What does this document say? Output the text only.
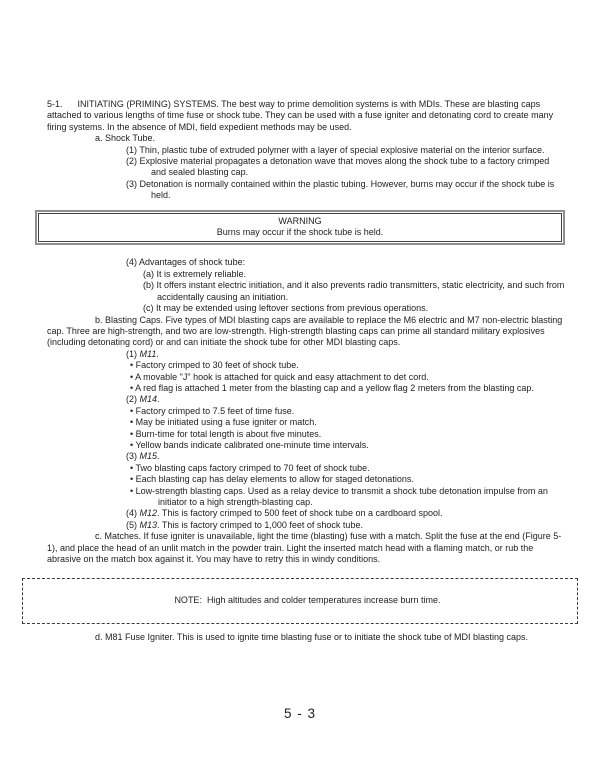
5-1.      INITIATING (PRIMING) SYSTEMS. The best way to prime demolition systems is with MDIs. These are blasting caps attached to various lengths of time fuse or shock tube. They can be used with a fuse igniter and detonating cord to create many firing systems. In the absence of MDI, field expedient methods may be used.

a. Shock Tube.

(1) Thin, plastic tube of extruded polymer with a layer of special explosive material on the interior surface.

(2) Explosive material propagates a detonation wave that moves along the shock tube to a factory crimped and sealed blasting cap.

(3) Detonation is normally contained within the plastic tubing. However, burns may occur if the shock tube is held.

WARNING
Burns may occur if the shock tube is held.

(4) Advantages of shock tube:

(a) It is extremely reliable.

(b) It offers instant electric initiation, and it also prevents radio transmitters, static electricity, and such from accidentally causing an initiation.

(c) It may be extended using leftover sections from previous operations.

b. Blasting Caps. Five types of MDI blasting caps are available to replace the M6 electric and M7 non-electric blasting cap. Three are high-strength, and two are low-strength. High-strength blasting caps can prime all standard military explosives (including detonating cord) or and can initiate the shock tube for other MDI blasting caps.

(1) M11.

• Factory crimped to 30 feet of shock tube.

• A movable "J" hook is attached for quick and easy attachment to det cord.

• A red flag is attached 1 meter from the blasting cap and a yellow flag 2 meters from the blasting cap.

(2) M14.

• Factory crimped to 7.5 feet of time fuse.

• May be initiated using a fuse igniter or match.

• Burn-time for total length is about five minutes.

• Yellow bands indicate calibrated one-minute time intervals.

(3) M15.

• Two blasting caps factory crimped to 70 feet of shock tube.

• Each blasting cap has delay elements to allow for staged detonations.

• Low-strength blasting caps. Used as a relay device to transmit a shock tube detonation impulse from an initiator to a high strength-blasting cap.

(4) M12. This is factory crimped to 500 feet of shock tube on a cardboard spool.

(5) M13. This is factory crimped to 1,000 feet of shock tube.

c. Matches. If fuse igniter is unavailable, light the time (blasting) fuse with a match. Split the fuse at the end (Figure 5-1), and place the head of an unlit match in the powder train. Light the inserted match head with a flaming match, or rub the abrasive on the match box against it. You may have to retry this in windy conditions.

NOTE:  High altitudes and colder temperatures increase burn time.

d. M81 Fuse Igniter. This is used to ignite time blasting fuse or to initiate the shock tube of MDI blasting caps.

5 - 3
